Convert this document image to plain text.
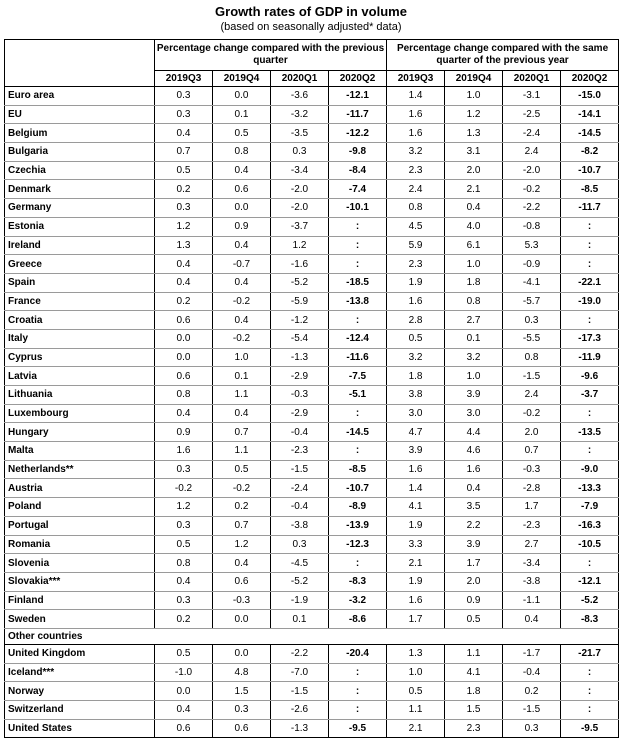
Growth rates of GDP in volume
(based on seasonally adjusted* data)
	Percentage change compared with the previous quarter				Percentage change compared with the same quarter of the previous year			
	2019Q3	2019Q4	2020Q1	2020Q2	2019Q3	2019Q4	2020Q1	2020Q2
Euro area	0.3	0.0	-3.6	-12.1	1.4	1.0	-3.1	-15.0
EU	0.3	0.1	-3.2	-11.7	1.6	1.2	-2.5	-14.1
Belgium	0.4	0.5	-3.5	-12.2	1.6	1.3	-2.4	-14.5
Bulgaria	0.7	0.8	0.3	-9.8	3.2	3.1	2.4	-8.2
Czechia	0.5	0.4	-3.4	-8.4	2.3	2.0	-2.0	-10.7
Denmark	0.2	0.6	-2.0	-7.4	2.4	2.1	-0.2	-8.5
Germany	0.3	0.0	-2.0	-10.1	0.8	0.4	-2.2	-11.7
Estonia	1.2	0.9	-3.7	:	4.5	4.0	-0.8	:
Ireland	1.3	0.4	1.2	:	5.9	6.1	5.3	:
Greece	0.4	-0.7	-1.6	:	2.3	1.0	-0.9	:
Spain	0.4	0.4	-5.2	-18.5	1.9	1.8	-4.1	-22.1
France	0.2	-0.2	-5.9	-13.8	1.6	0.8	-5.7	-19.0
Croatia	0.6	0.4	-1.2	:	2.8	2.7	0.3	:
Italy	0.0	-0.2	-5.4	-12.4	0.5	0.1	-5.5	-17.3
Cyprus	0.0	1.0	-1.3	-11.6	3.2	3.2	0.8	-11.9
Latvia	0.6	0.1	-2.9	-7.5	1.8	1.0	-1.5	-9.6
Lithuania	0.8	1.1	-0.3	-5.1	3.8	3.9	2.4	-3.7
Luxembourg	0.4	0.4	-2.9	:	3.0	3.0	-0.2	:
Hungary	0.9	0.7	-0.4	-14.5	4.7	4.4	2.0	-13.5
Malta	1.6	1.1	-2.3	:	3.9	4.6	0.7	:
Netherlands**	0.3	0.5	-1.5	-8.5	1.6	1.6	-0.3	-9.0
Austria	-0.2	-0.2	-2.4	-10.7	1.4	0.4	-2.8	-13.3
Poland	1.2	0.2	-0.4	-8.9	4.1	3.5	1.7	-7.9
Portugal	0.3	0.7	-3.8	-13.9	1.9	2.2	-2.3	-16.3
Romania	0.5	1.2	0.3	-12.3	3.3	3.9	2.7	-10.5
Slovenia	0.8	0.4	-4.5	:	2.1	1.7	-3.4	:
Slovakia***	0.4	0.6	-5.2	-8.3	1.9	2.0	-3.8	-12.1
Finland	0.3	-0.3	-1.9	-3.2	1.6	0.9	-1.1	-5.2
Sweden	0.2	0.0	0.1	-8.6	1.7	0.5	0.4	-8.3
Other countries								
United Kingdom	0.5	0.0	-2.2	-20.4	1.3	1.1	-1.7	-21.7
Iceland***	-1.0	4.8	-7.0	:	1.0	4.1	-0.4	:
Norway	0.0	1.5	-1.5	:	0.5	1.8	0.2	:
Switzerland	0.4	0.3	-2.6	:	1.1	1.5	-1.5	:
United States	0.6	0.6	-1.3	-9.5	2.1	2.3	0.3	-9.5
